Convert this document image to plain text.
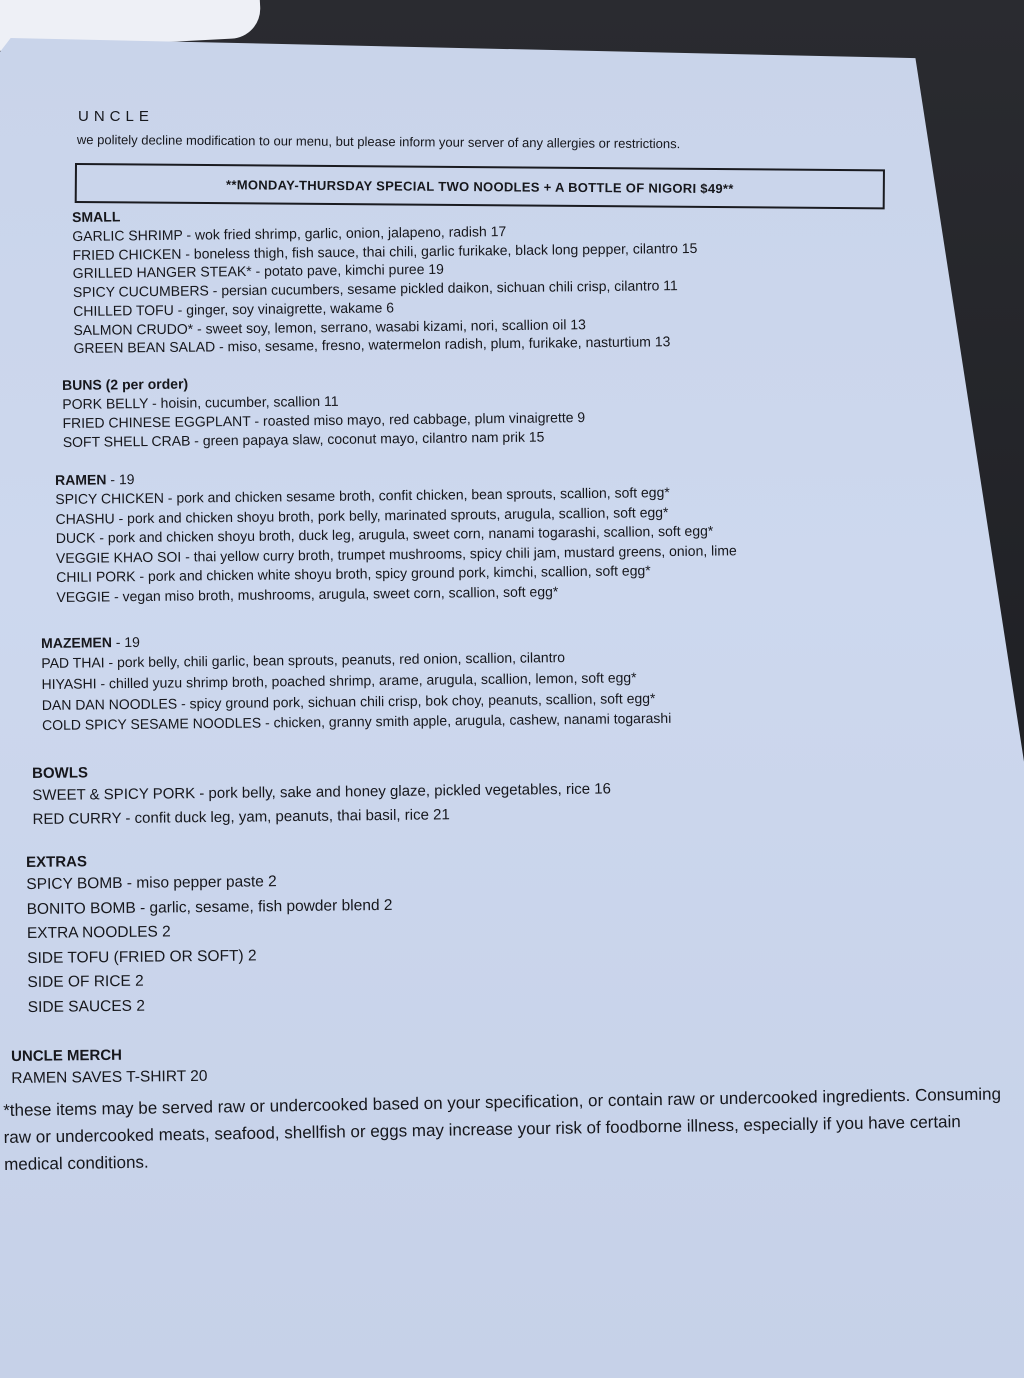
UNCLE
we politely decline modification to our menu, but please inform your server of any allergies or restrictions.
**MONDAY-THURSDAY SPECIAL TWO NOODLES + A BOTTLE OF NIGORI $49**
SMALL
GARLIC SHRIMP - wok fried shrimp, garlic, onion, jalapeno, radish 17
FRIED CHICKEN - boneless thigh, fish sauce, thai chili, garlic furikake, black long pepper, cilantro 15
GRILLED HANGER STEAK* - potato pave, kimchi puree 19
SPICY CUCUMBERS - persian cucumbers, sesame pickled daikon, sichuan chili crisp, cilantro 11
CHILLED TOFU - ginger, soy vinaigrette, wakame 6
SALMON CRUDO* - sweet soy, lemon, serrano, wasabi kizami, nori, scallion oil 13
GREEN BEAN SALAD - miso, sesame, fresno, watermelon radish, plum, furikake, nasturtium 13
BUNS (2 per order)
PORK BELLY - hoisin, cucumber, scallion 11
FRIED CHINESE EGGPLANT - roasted miso mayo, red cabbage, plum vinaigrette 9
SOFT SHELL CRAB - green papaya slaw, coconut mayo, cilantro nam prik 15
RAMEN - 19
SPICY CHICKEN - pork and chicken sesame broth, confit chicken, bean sprouts, scallion, soft egg*
CHASHU - pork and chicken shoyu broth, pork belly, marinated sprouts, arugula, scallion, soft egg*
DUCK - pork and chicken shoyu broth, duck leg, arugula, sweet corn, nanami togarashi, scallion, soft egg*
VEGGIE KHAO SOI - thai yellow curry broth, trumpet mushrooms, spicy chili jam, mustard greens, onion, lime
CHILI PORK - pork and chicken white shoyu broth, spicy ground pork, kimchi, scallion, soft egg*
VEGGIE - vegan miso broth, mushrooms, arugula, sweet corn, scallion, soft egg*
MAZEMEN - 19
PAD THAI - pork belly, chili garlic, bean sprouts, peanuts, red onion, scallion, cilantro
HIYASHI - chilled yuzu shrimp broth, poached shrimp, arame, arugula, scallion, lemon, soft egg*
DAN DAN NOODLES - spicy ground pork, sichuan chili crisp, bok choy, peanuts, scallion, soft egg*
COLD SPICY SESAME NOODLES - chicken, granny smith apple, arugula, cashew, nanami togarashi
BOWLS
SWEET & SPICY PORK - pork belly, sake and honey glaze, pickled vegetables, rice 16
RED CURRY - confit duck leg, yam, peanuts, thai basil, rice 21
EXTRAS
SPICY BOMB - miso pepper paste 2
BONITO BOMB - garlic, sesame, fish powder blend 2
EXTRA NOODLES 2
SIDE TOFU (FRIED OR SOFT) 2
SIDE OF RICE 2
SIDE SAUCES 2
UNCLE MERCH
RAMEN SAVES T-SHIRT 20
*these items may be served raw or undercooked based on your specification, or contain raw or undercooked ingredients. Consuming raw or undercooked meats, seafood, shellfish or eggs may increase your risk of foodborne illness, especially if you have certain medical conditions.
